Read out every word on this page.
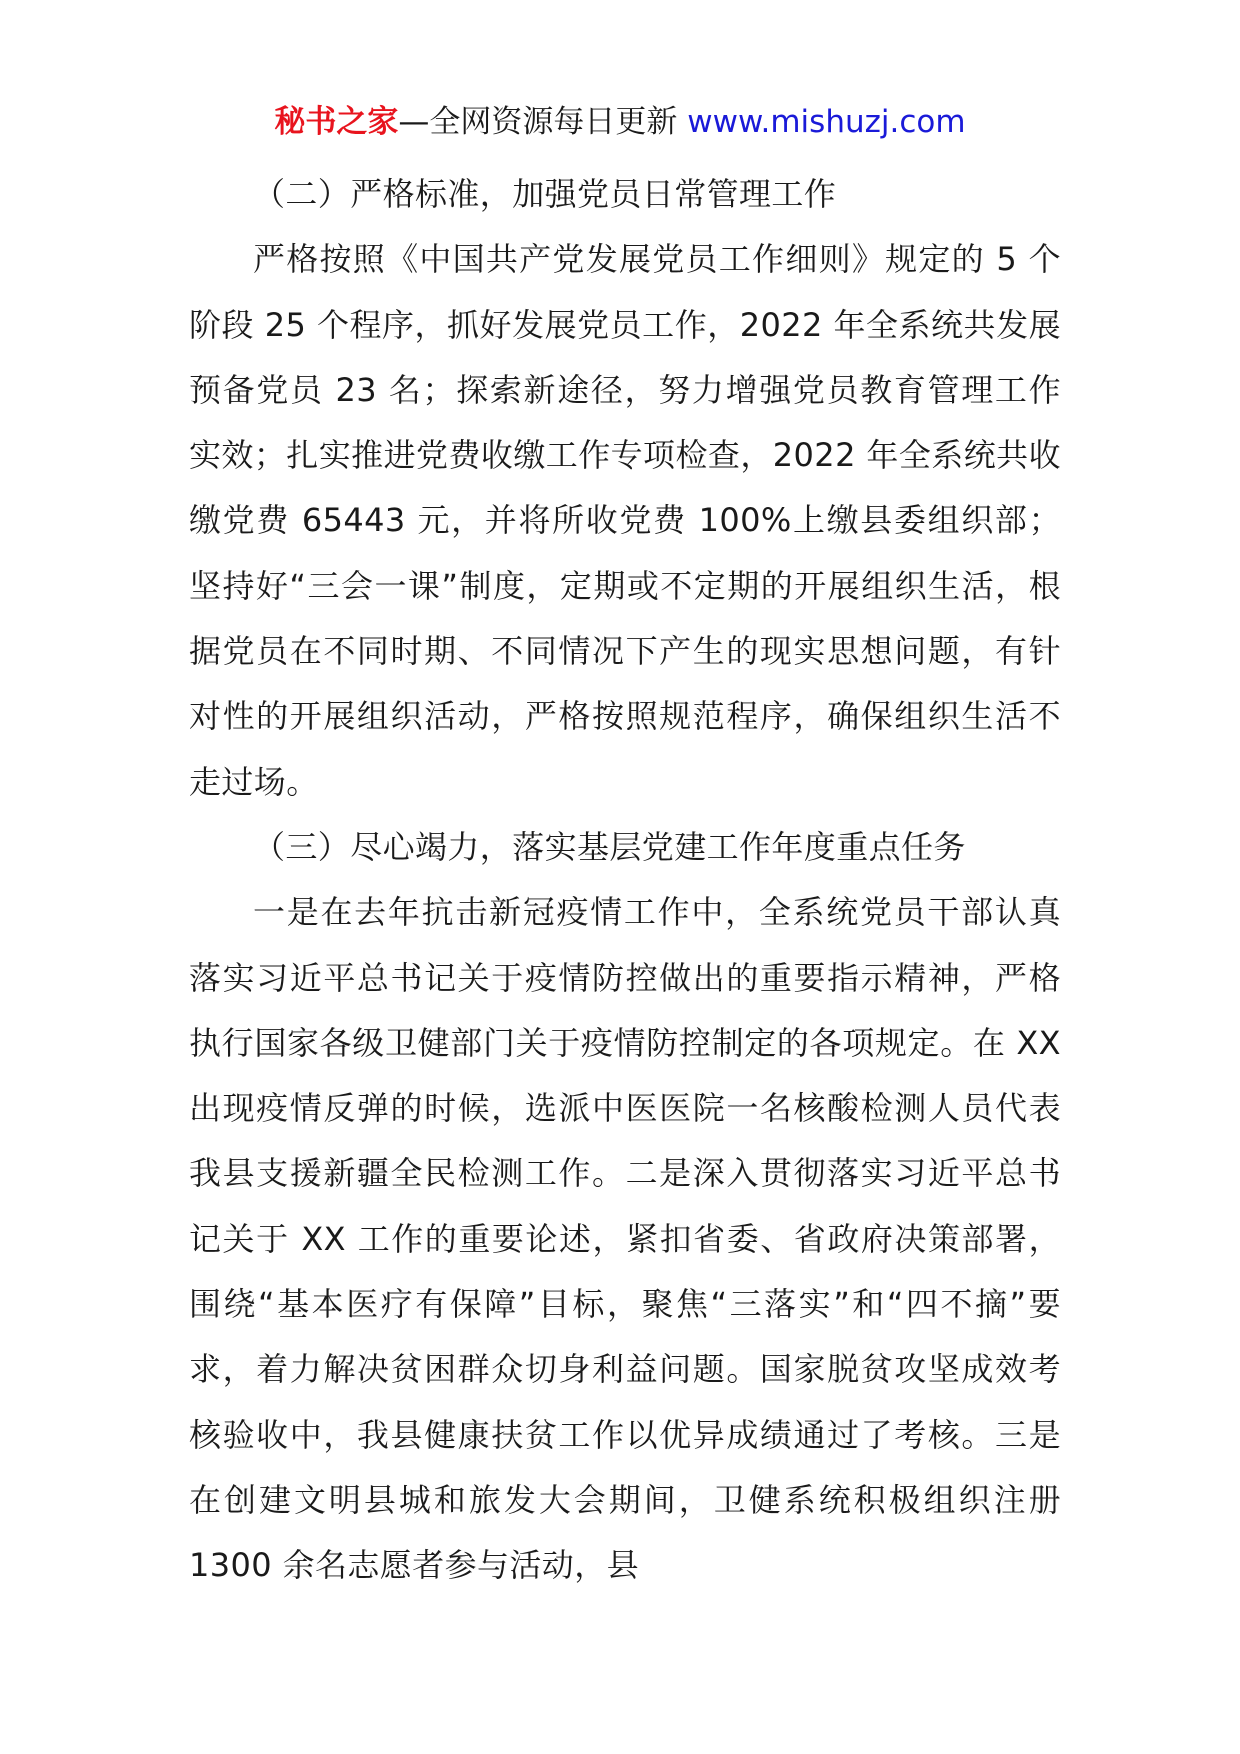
秘书之家—全网资源每日更新 www.mishuzj.com

（二）严格标准，加强党员日常管理工作

严格按照《中国共产党发展党员工作细则》规定的 5 个阶段 25 个程序，抓好发展党员工作，2022 年全系统共发展预备党员 23 名；探索新途径，努力增强党员教育管理工作实效；扎实推进党费收缴工作专项检查，2022 年全系统共收缴党费 65443 元，并将所收党费 100%上缴县委组织部；坚持好“三会一课”制度，定期或不定期的开展组织生活，根据党员在不同时期、不同情况下产生的现实思想问题，有针对性的开展组织活动，严格按照规范程序，确保组织生活不走过场。

（三）尽心竭力，落实基层党建工作年度重点任务

一是在去年抗击新冠疫情工作中，全系统党员干部认真落实习近平总书记关于疫情防控做出的重要指示精神，严格执行国家各级卫健部门关于疫情防控制定的各项规定。在 XX 出现疫情反弹的时候，选派中医医院一名核酸检测人员代表我县支援新疆全民检测工作。二是深入贯彻落实习近平总书记关于 XX 工作的重要论述，紧扣省委、省政府决策部署，围绕“基本医疗有保障”目标，聚焦“三落实”和“四不摘”要求，着力解决贫困群众切身利益问题。国家脱贫攻坚成效考核验收中，我县健康扶贫工作以优异成绩通过了考核。三是在创建文明县城和旅发大会期间，卫健系统积极组织注册 1300 余名志愿者参与活动，县
